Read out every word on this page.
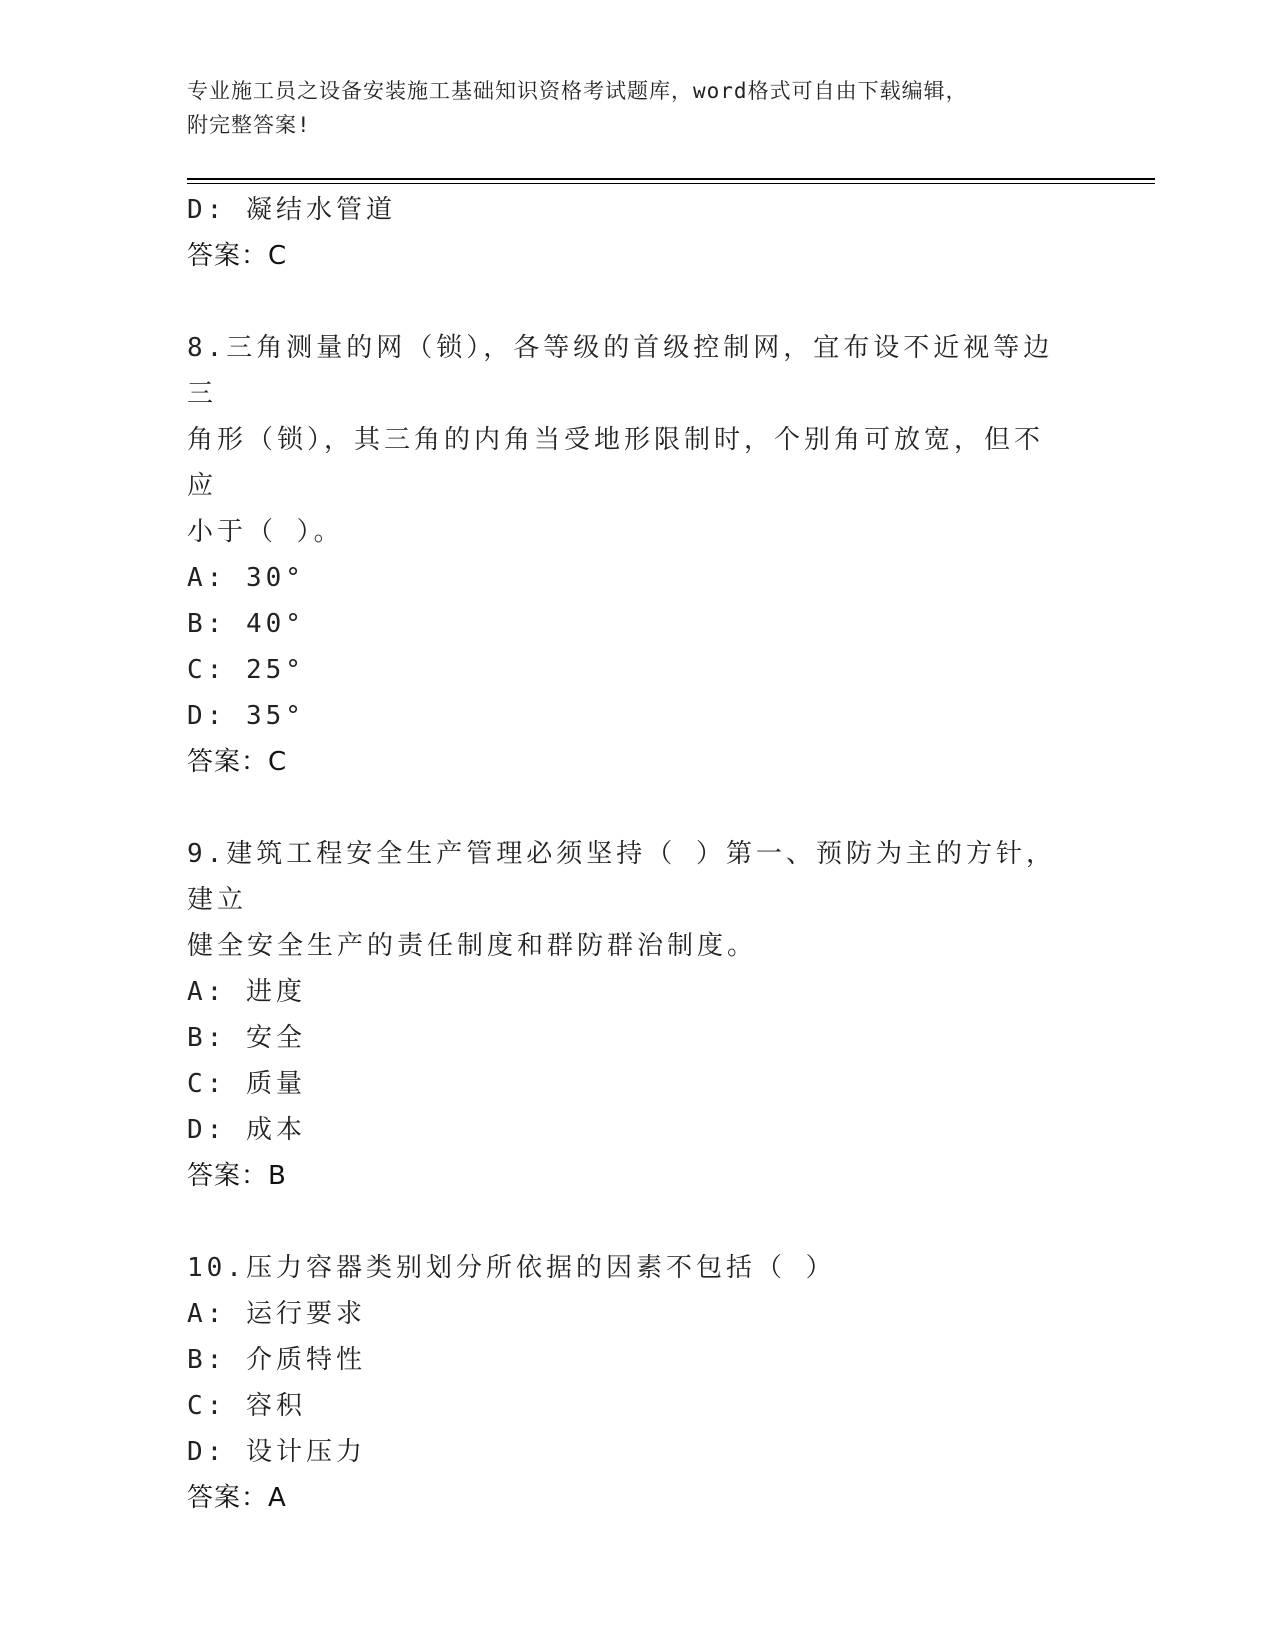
专业施工员之设备安装施工基础知识资格考试题库，word格式可自由下载编辑，
附完整答案!
D: 凝结水管道
答案：C
8.三角测量的网（锁），各等级的首级控制网，宜布设不近视等边三
角形（锁），其三角的内角当受地形限制时，个别角可放宽，但不应
小于（ ）。
A: 30°
B: 40°
C: 25°
D: 35°
答案：C
9.建筑工程安全生产管理必须坚持（ ）第一、预防为主的方针，建立
健全安全生产的责任制度和群防群治制度。
A: 进度
B: 安全
C: 质量
D: 成本
答案：B
10.压力容器类别划分所依据的因素不包括（ ）
A: 运行要求
B: 介质特性
C: 容积
D: 设计压力
答案：A
